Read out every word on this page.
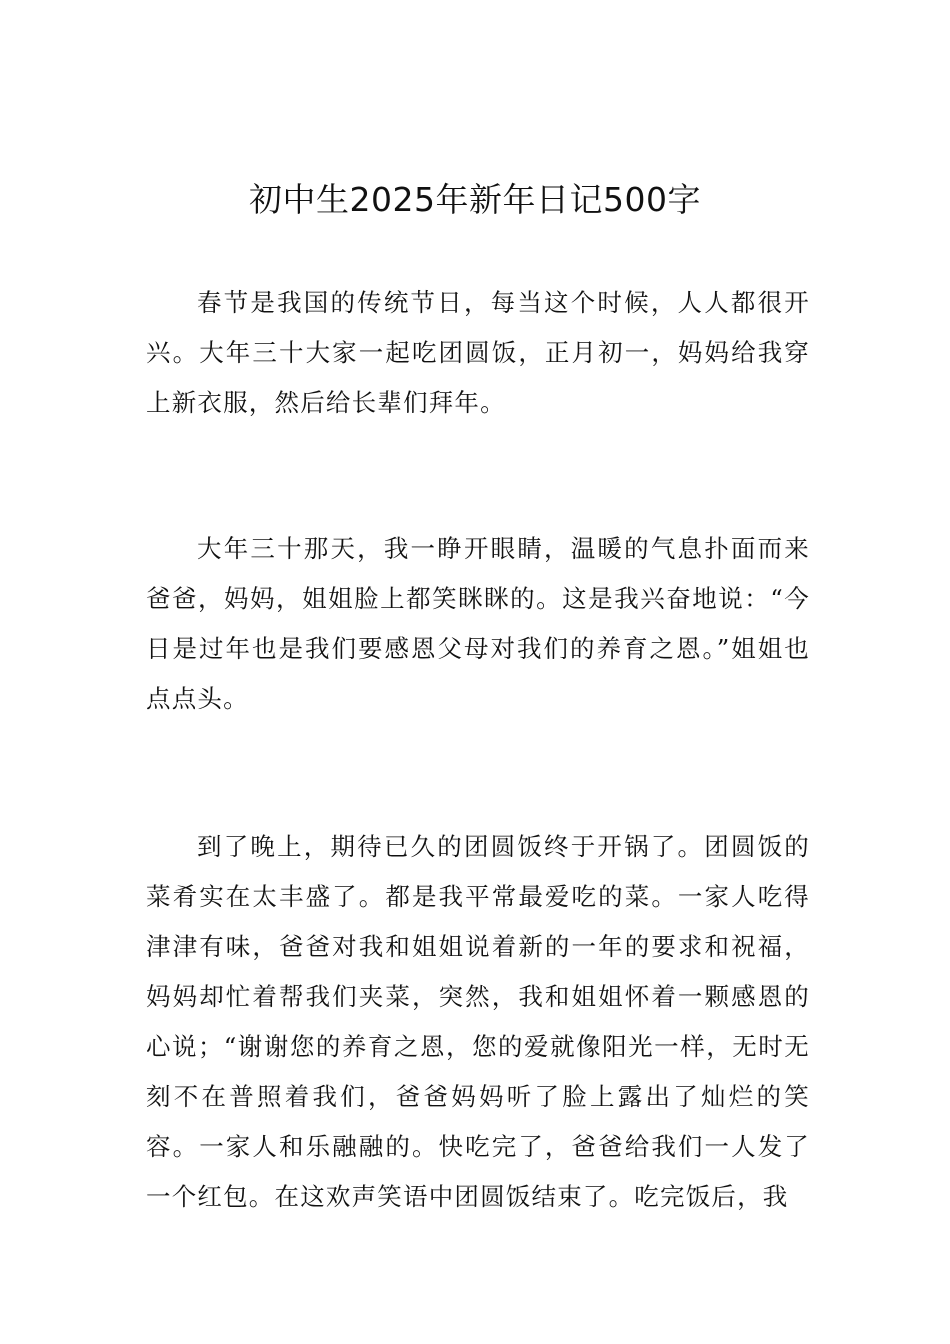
初中生2025年新年日记500字

春节是我国的传统节日，每当这个时候，人人都很开兴。大年三十大家一起吃团圆饭，正月初一，妈妈给我穿上新衣服，然后给长辈们拜年。

大年三十那天，我一睁开眼睛，温暖的气息扑面而来爸爸，妈妈，姐姐脸上都笑眯眯的。这是我兴奋地说：“今日是过年也是我们要感恩父母对我们的养育之恩。”姐姐也点点头。

到了晚上，期待已久的团圆饭终于开锅了。团圆饭的菜肴实在太丰盛了。都是我平常最爱吃的菜。一家人吃得津津有味，爸爸对我和姐姐说着新的一年的要求和祝福，妈妈却忙着帮我们夹菜，突然，我和姐姐怀着一颗感恩的心说；“谢谢您的养育之恩，您的爱就像阳光一样，无时无刻不在普照着我们，爸爸妈妈听了脸上露出了灿烂的笑容。一家人和乐融融的。快吃完了，爸爸给我们一人发了一个红包。在这欢声笑语中团圆饭结束了。吃完饭后，我
